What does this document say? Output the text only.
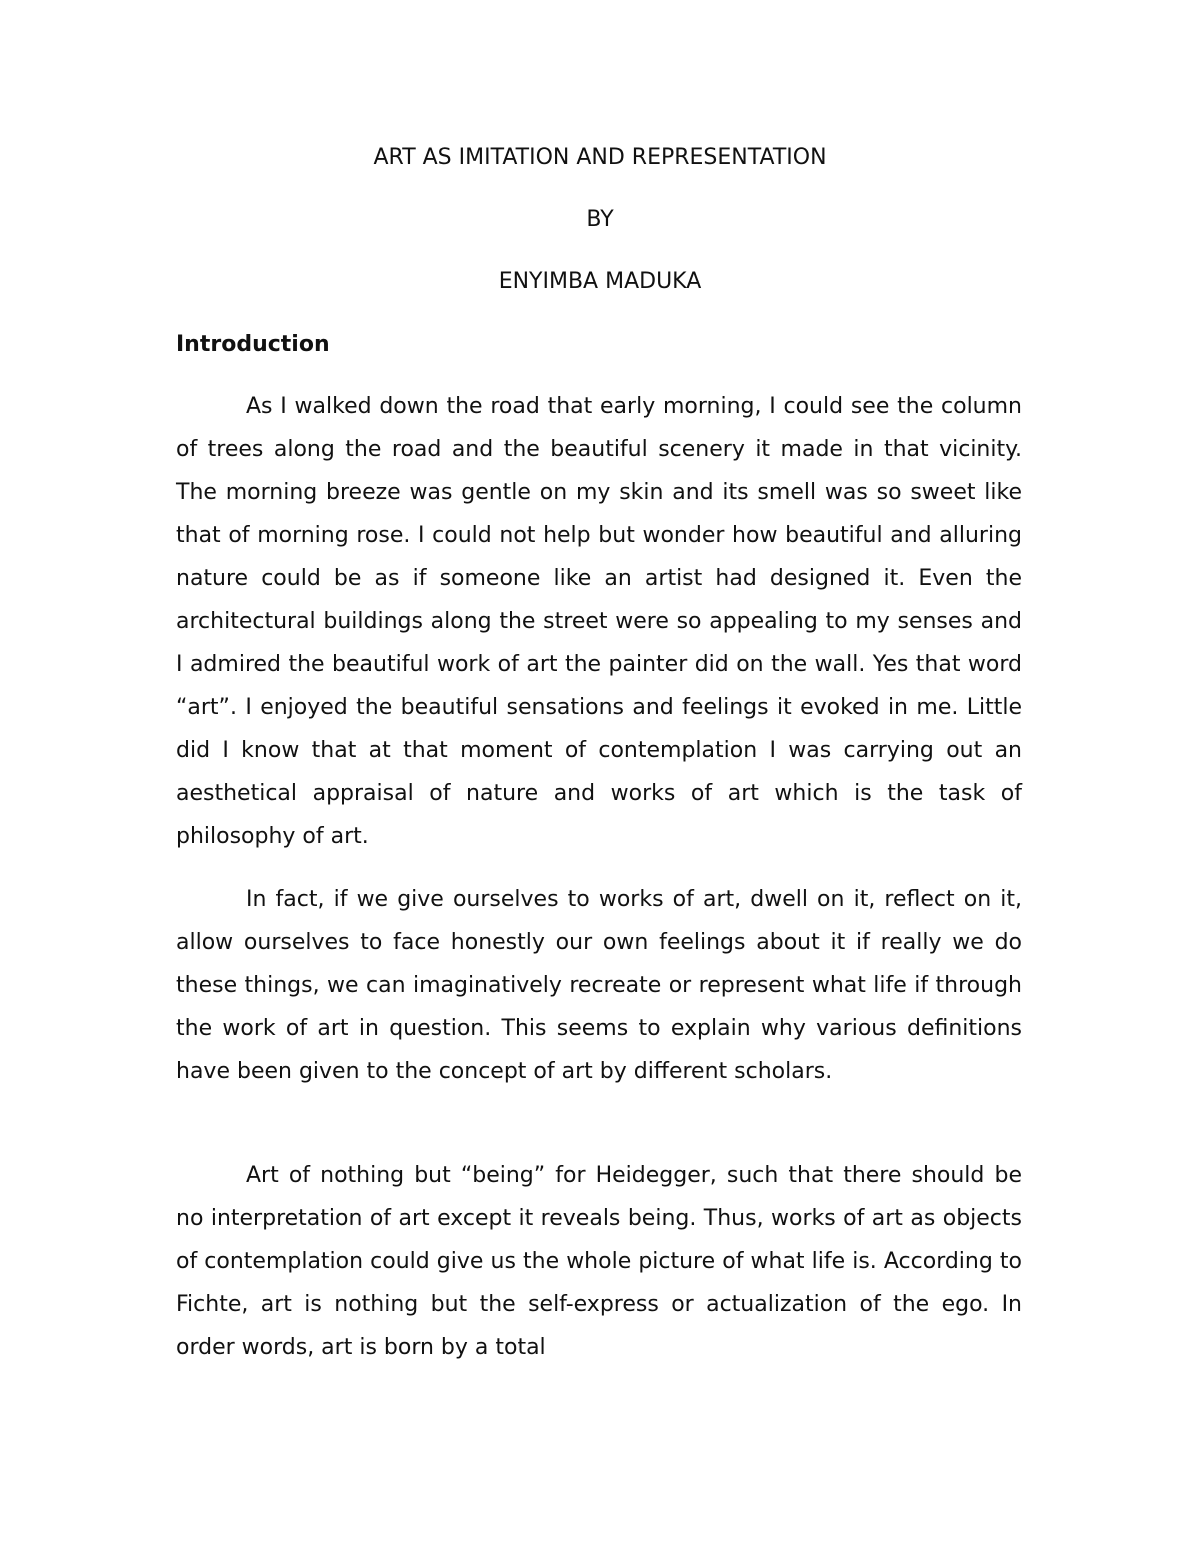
ART AS IMITATION AND REPRESENTATION
BY
ENYIMBA MADUKA
Introduction

As I walked down the road that early morning, I could see the column of trees along the road and the beautiful scenery it made in that vicinity. The morning breeze was gentle on my skin and its smell was so sweet like that of morning rose. I could not help but wonder how beautiful and alluring nature could be as if someone like an artist had designed it. Even the architectural buildings along the street were so appealing to my senses and I admired the beautiful work of art the painter did on the wall. Yes that word “art”. I enjoyed the beautiful sensations and feelings it evoked in me. Little did I know that at that moment of contemplation I was carrying out an aesthetical appraisal of nature and works of art which is the task of philosophy of art.

In fact, if we give ourselves to works of art, dwell on it, reflect on it, allow ourselves to face honestly our own feelings about it if really we do these things, we can imaginatively recreate or represent what life if through the work of art in question. This seems to explain why various definitions have been given to the concept of art by different scholars.

Art of nothing but “being” for Heidegger, such that there should be no interpretation of art except it reveals being. Thus, works of art as objects of contemplation could give us the whole picture of what life is. According to Fichte, art is nothing but the self-express or actualization of the ego. In order words, art is born by a total
